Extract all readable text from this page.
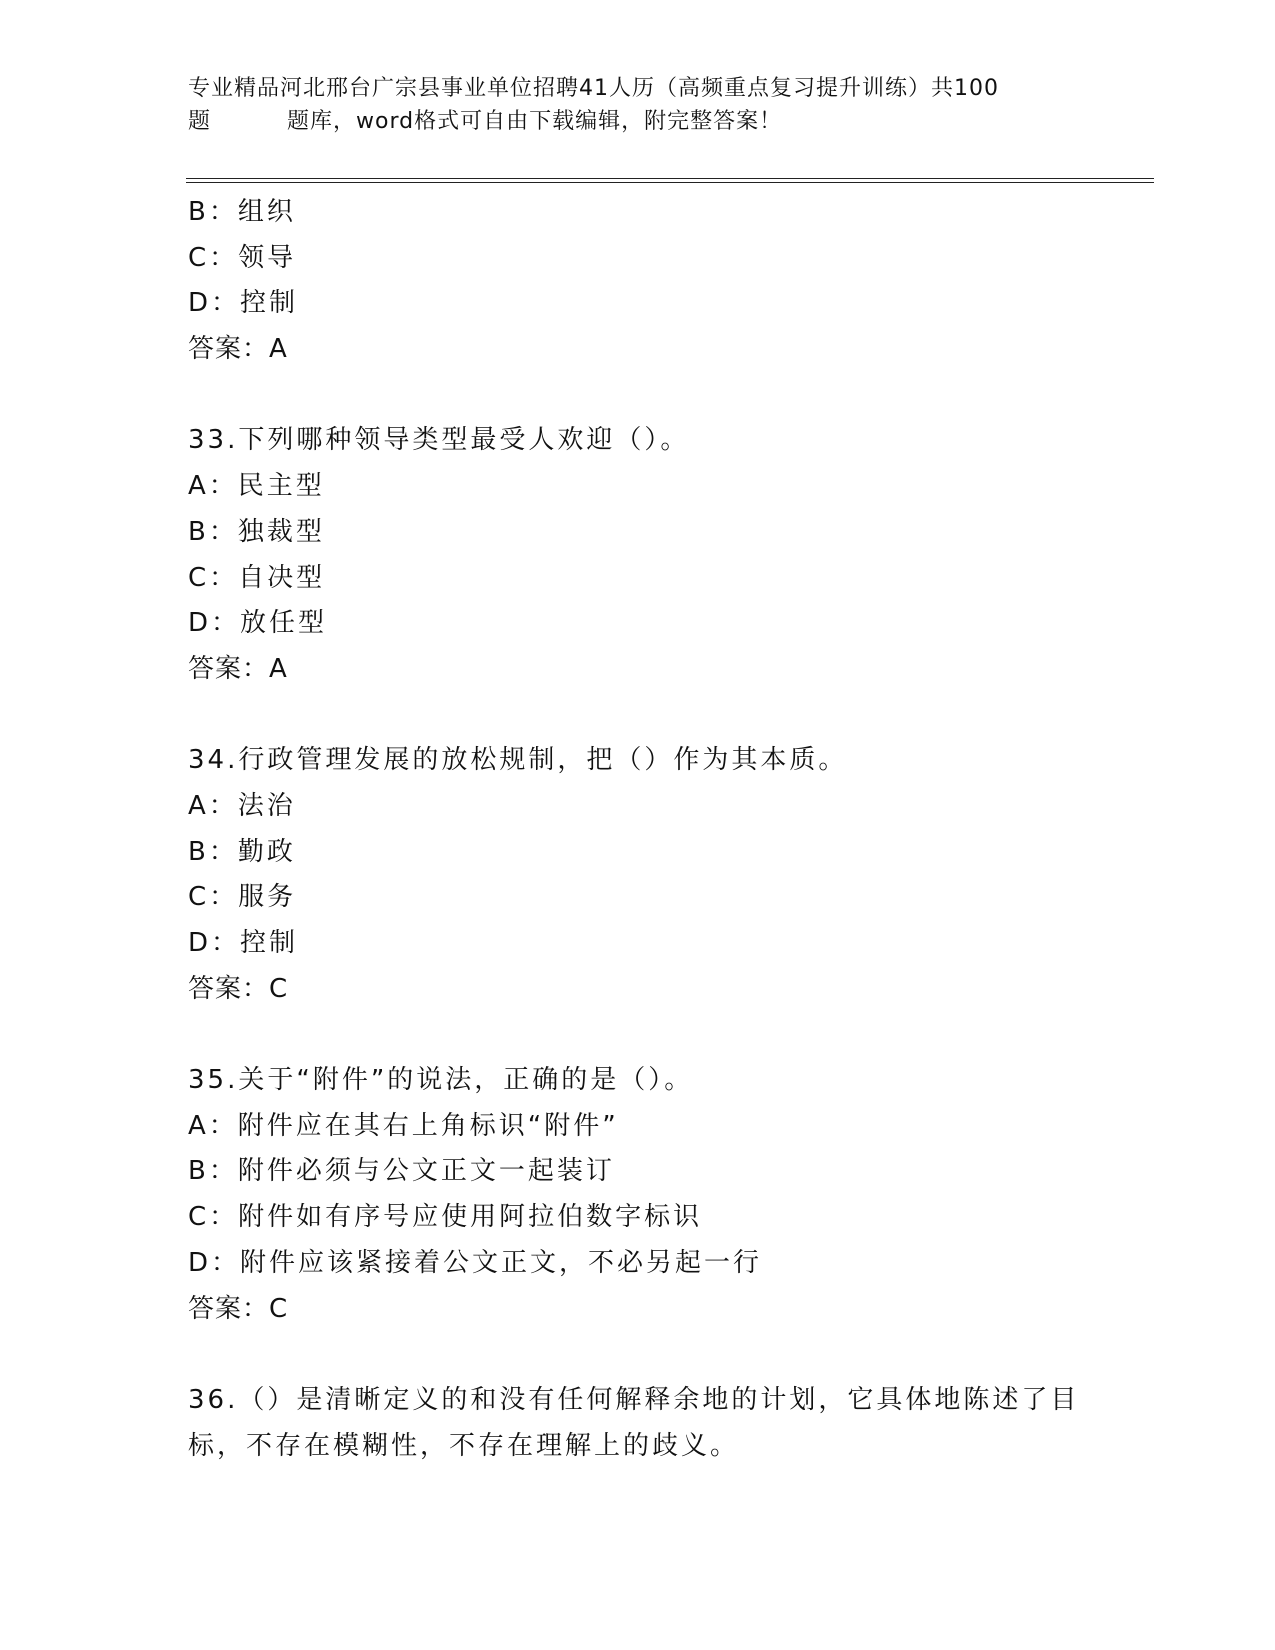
专业精品河北邢台广宗县事业单位招聘41人历（高频重点复习提升训练）共100
题	题库，word格式可自由下载编辑，附完整答案！
B：组织
C：领导
D：控制
答案：A
33.下列哪种领导类型最受人欢迎（）。
A：民主型
B：独裁型
C：自决型
D：放任型
答案：A
34.行政管理发展的放松规制，把（）作为其本质。
A：法治
B：勤政
C：服务
D：控制
答案：C
35.关于“附件”的说法，正确的是（）。
A：附件应在其右上角标识“附件”
B：附件必须与公文正文一起装订
C：附件如有序号应使用阿拉伯数字标识
D：附件应该紧接着公文正文，不必另起一行
答案：C
36.（）是清晰定义的和没有任何解释余地的计划，它具体地陈述了目
标，不存在模糊性，不存在理解上的歧义。
